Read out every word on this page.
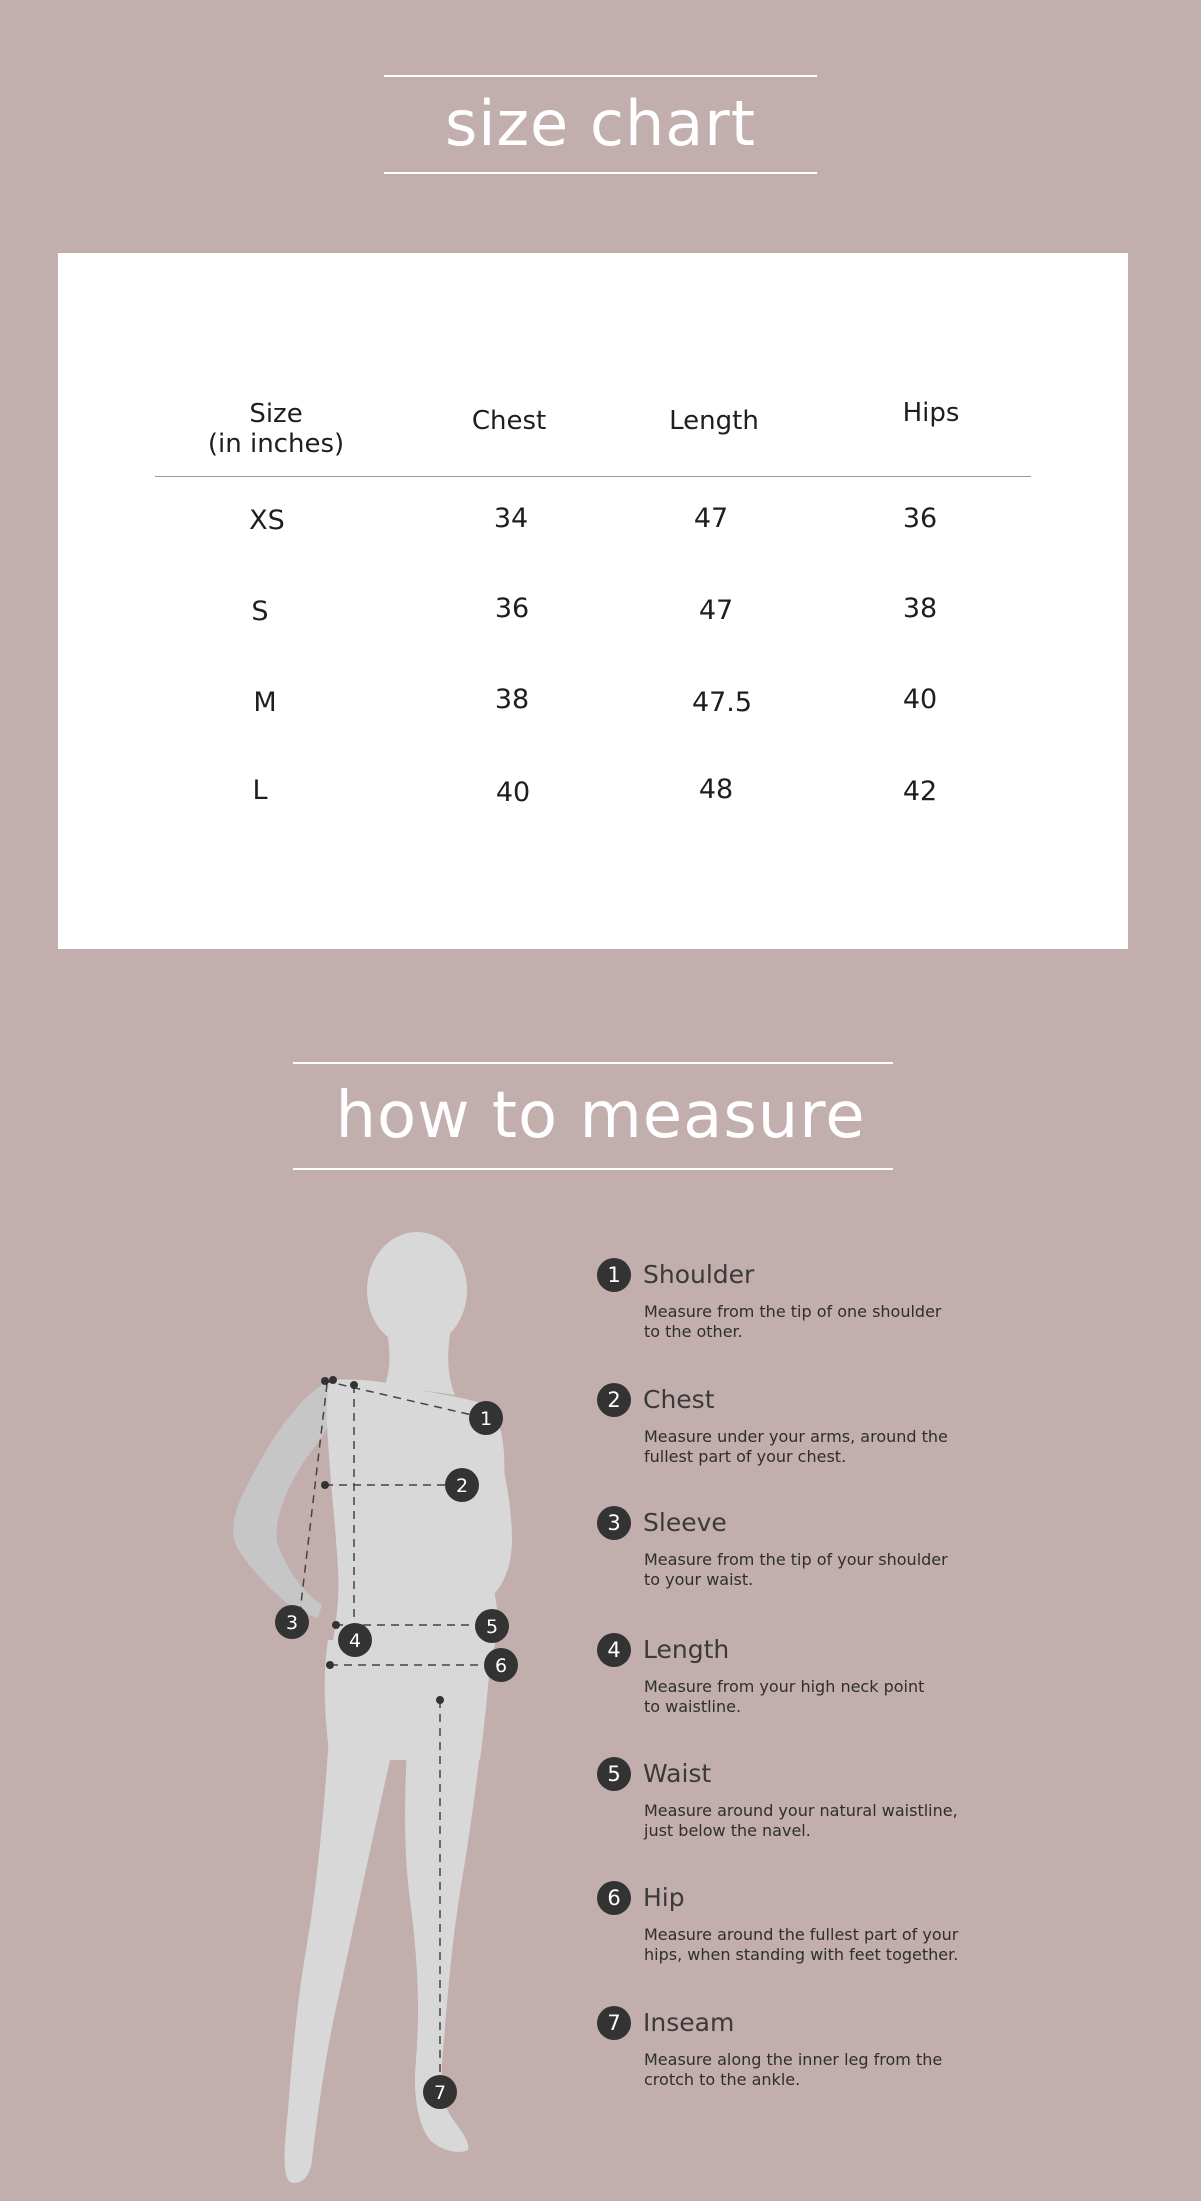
size chart
Size
(in inches)
Chest	Length	Hips
XS	34	47	36
S	36	47	38
M	38	47.5	40
L	40	48	42
how to measure
1
2
3
4
5
6
7
1 Shoulder
Measure from the tip of one shoulder
to the other.
2 Chest
Measure under your arms, around the
fullest part of your chest.
3 Sleeve
Measure from the tip of your shoulder
to your waist.
4 Length
Measure from your high neck point
to waistline.
5 Waist
Measure around your natural waistline,
just below the navel.
6 Hip
Measure around the fullest part of your
hips, when standing with feet together.
7 Inseam
Measure along the inner leg from the
crotch to the ankle.
